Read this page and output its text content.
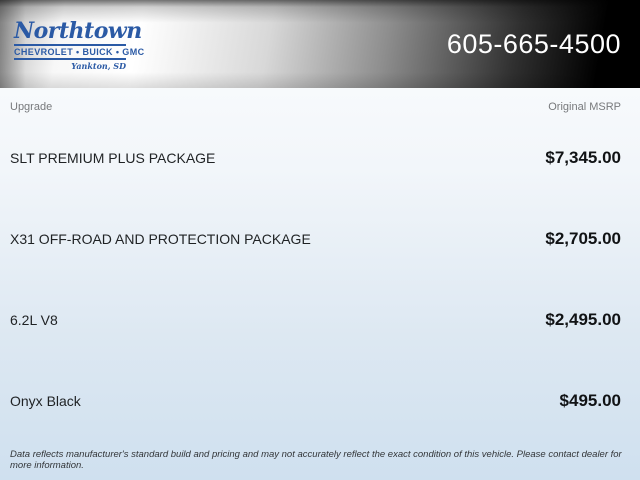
Northtown
CHEVROLET • BUICK • GMC
Yankton, SD
605-665-4500
Upgrade	Original MSRP
SLT PREMIUM PLUS PACKAGE	$7,345.00
X31 OFF-ROAD AND PROTECTION PACKAGE	$2,705.00
6.2L V8	$2,495.00
Onyx Black	$495.00

Data reflects manufacturer's standard build and pricing and may not accurately reflect the exact condition of this vehicle. Please contact dealer for more information.
